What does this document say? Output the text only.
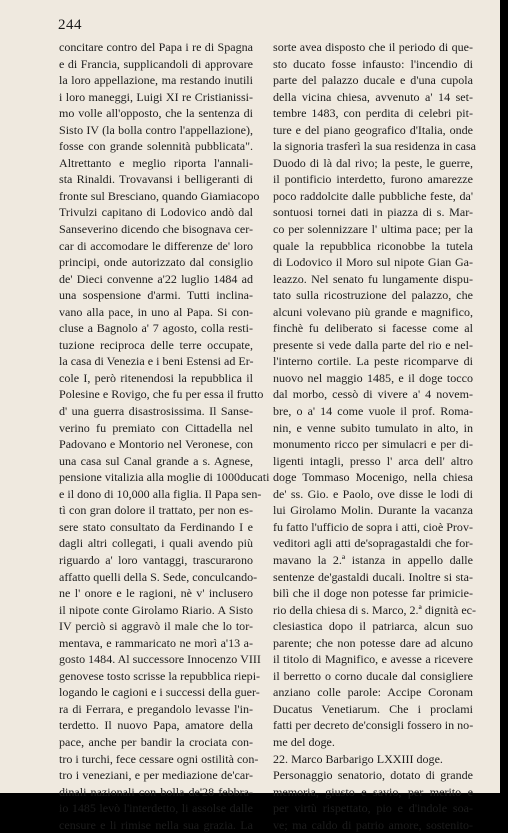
244
concitare contro del Papa i re di Spagna
e di Francia, supplicandoli di approvare
la loro appellazione, ma restando inutili
i loro maneggi, Luigi XI re Cristianissi-
mo volle all'opposto, che la sentenza di
Sisto IV (la bolla contro l'appellazione),
fosse con grande solennità pubblicata".
Altrettanto e meglio riporta l'annali-
sta Rinaldi. Trovavansi i belligeranti di
fronte sul Bresciano, quando Giamiacopo
Trivulzi capitano di Lodovico andò dal
Sanseverino dicendo che bisognava cer-
car di accomodare le differenze de' loro
principi, onde autorizzato dal consiglio
de' Dieci convenne a'22 luglio 1484 ad
una sospensione d'armi. Tutti inclina-
vano alla pace, in uno al Papa. Si con-
cluse a Bagnolo a' 7 agosto, colla resti-
tuzione reciproca delle terre occupate,
la casa di Venezia e i beni Estensi ad Er-
cole I, però ritenendosi la repubblica il
Polesine e Rovigo, che fu per essa il frutto
d' una guerra disastrosissima. Il Sanse-
verino fu premiato con Cittadella nel
Padovano e Montorio nel Veronese, con
una casa sul Canal grande a s. Agnese,
pensione vitalizia alla moglie di 1000ducati
e il dono di 10,000 alla figlia. Il Papa sen-
tì con gran dolore il trattato, per non es-
sere stato consultato da Ferdinando I e
dagli altri collegati, i quali avendo più
riguardo a' loro vantaggi, trascurarono
affatto quelli della S. Sede, conculcando-
ne l' onore e le ragioni, nè v' inclusero
il nipote conte Girolamo Riario. A Sisto
IV perciò si aggravò il male che lo tor-
mentava, e rammaricato ne morì a'13 a-
gosto 1484. Al successore Innocenzo VIII
genovese tosto scrisse la repubblica riepi-
logando le cagioni e i successi della guer-
ra di Ferrara, e pregandolo levasse l'in-
terdetto. Il nuovo Papa, amatore della
pace, anche per bandir la crociata con-
tro i turchi, fece cessare ogni ostilità con-
tro i veneziani, e per mediazione de'car-
dinali nazionali con bolla de'28 febbra-
io 1485 levò l'interdetto, li assolse dalle
censure e li rimise nella sua grazia. La
sorte avea disposto che il periodo di que-
sto ducato fosse infausto: l'incendio di
parte del palazzo ducale e d'una cupola
della vicina chiesa, avvenuto a' 14 set-
tembre 1483, con perdita di celebri pit-
ture e del piano geografico d'Italia, onde
la signoria trasferì la sua residenza in casa
Duodo di là dal rivo; la peste, le guerre,
il pontificio interdetto, furono amarezze
poco raddolcite dalle pubbliche feste, da'
sontuosi tornei dati in piazza di s. Mar-
co per solennizzare l' ultima pace; per la
quale la repubblica riconobbe la tutela
di Lodovico il Moro sul nipote Gian Ga-
leazzo. Nel senato fu lungamente dispu-
tato sulla ricostruzione del palazzo, che
alcuni volevano più grande e magnifico,
finchè fu deliberato si facesse come al
presente si vede dalla parte del rio e nel-
l'interno cortile. La peste ricomparve di
nuovo nel maggio 1485, e il doge tocco
dal morbo, cessò di vivere a' 4 novem-
bre, o a' 14 come vuole il prof. Roma-
nin, e venne subito tumulato in alto, in
monumento ricco per simulacri e per di-
ligenti intagli, presso l' arca dell' altro
doge Tommaso Mocenigo, nella chiesa
de' ss. Gio. e Paolo, ove disse le lodi di
lui Girolamo Molin. Durante la vacanza
fu fatto l'ufficio de sopra i atti, cioè Prov-
veditori agli atti de'sopragastaldi che for-
mavano la 2.ª istanza in appello dalle
sentenze de'gastaldi ducali. Inoltre si sta-
bilì che il doge non potesse far primicie-
rio della chiesa di s. Marco, 2.ª dignità ec-
clesiastica dopo il patriarca, alcun suo
parente; che non potesse dare ad alcuno
il titolo di Magnifico, e avesse a ricevere
il berretto o corno ducale dal consigliere
anziano colle parole: Accipe Coronam
Ducatus Venetiarum. Che i proclami
fatti per decreto de'consigli fossero in no-
me del doge.
22. Marco Barbarigo LXXIII doge.
Personaggio senatorio, dotato di grande
memoria, giusto e savio, per merito e
per virtù rispettato, pio e d'indole soa-
ve; ma caldo di patrio amore, sostenito-
